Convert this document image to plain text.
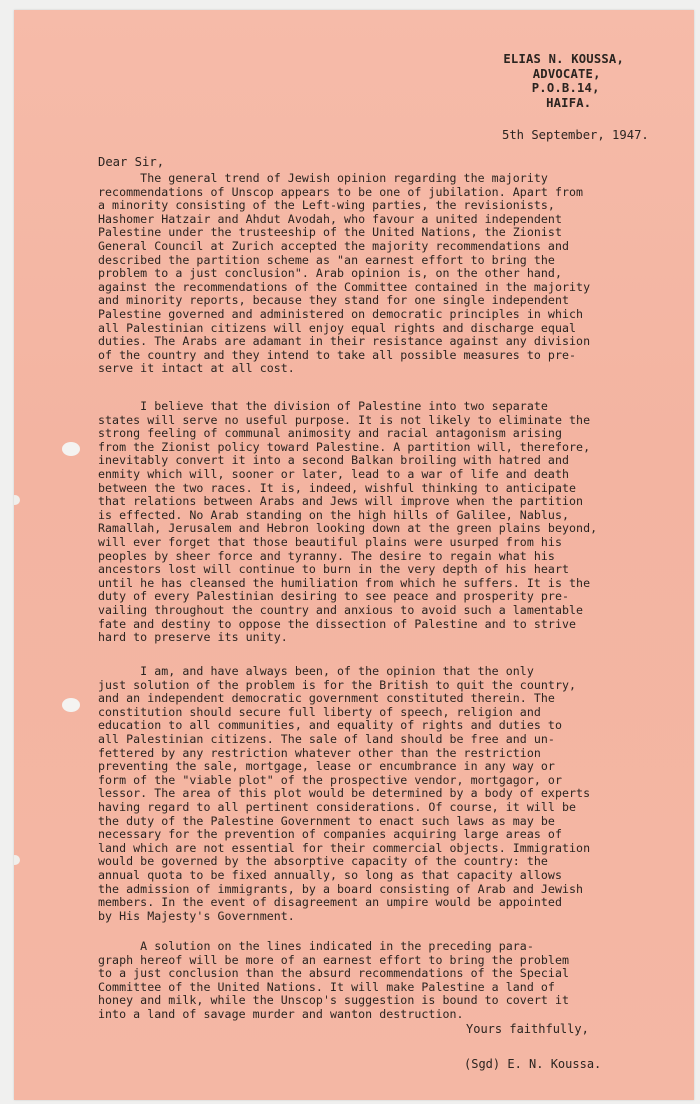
ELIAS N. KOUSSA,
ADVOCATE,
P.O.B.14,
HAIFA.
5th September, 1947.
Dear Sir,
The general trend of Jewish opinion regarding the majority
recommendations of Unscop appears to be one of jubilation. Apart from
a minority consisting of the Left-wing parties, the revisionists,
Hashomer Hatzair and Ahdut Avodah, who favour a united independent
Palestine under the trusteeship of the United Nations, the Zionist
General Council at Zurich accepted the majority recommendations and
described the partition scheme as "an earnest effort to bring the
problem to a just conclusion". Arab opinion is, on the other hand,
against the recommendations of the Committee contained in the majority
and minority reports, because they stand for one single independent
Palestine governed and administered on democratic principles in which
all Palestinian citizens will enjoy equal rights and discharge equal
duties. The Arabs are adamant in their resistance against any division
of the country and they intend to take all possible measures to pre-
serve it intact at all cost.
I believe that the division of Palestine into two separate
states will serve no useful purpose. It is not likely to eliminate the
strong feeling of communal animosity and racial antagonism arising
from the Zionist policy toward Palestine. A partition will, therefore,
inevitably convert it into a second Balkan broiling with hatred and
enmity which will, sooner or later, lead to a war of life and death
between the two races. It is, indeed, wishful thinking to anticipate
that relations between Arabs and Jews will improve when the partition
is effected. No Arab standing on the high hills of Galilee, Nablus,
Ramallah, Jerusalem and Hebron looking down at the green plains beyond,
will ever forget that those beautiful plains were usurped from his
peoples by sheer force and tyranny. The desire to regain what his
ancestors lost will continue to burn in the very depth of his heart
until he has cleansed the humiliation from which he suffers. It is the
duty of every Palestinian desiring to see peace and prosperity pre-
vailing throughout the country and anxious to avoid such a lamentable
fate and destiny to oppose the dissection of Palestine and to strive
hard to preserve its unity.
I am, and have always been, of the opinion that the only
just solution of the problem is for the British to quit the country,
and an independent democratic government constituted therein. The
constitution should secure full liberty of speech, religion and
education to all communities, and equality of rights and duties to
all Palestinian citizens. The sale of land should be free and un-
fettered by any restriction whatever other than the restriction
preventing the sale, mortgage, lease or encumbrance in any way or
form of the "viable plot" of the prospective vendor, mortgagor, or
lessor. The area of this plot would be determined by a body of experts
having regard to all pertinent considerations. Of course, it will be
the duty of the Palestine Government to enact such laws as may be
necessary for the prevention of companies acquiring large areas of
land which are not essential for their commercial objects. Immigration
would be governed by the absorptive capacity of the country: the
annual quota to be fixed annually, so long as that capacity allows
the admission of immigrants, by a board consisting of Arab and Jewish
members. In the event of disagreement an umpire would be appointed
by His Majesty's Government.
A solution on the lines indicated in the preceding para-
graph hereof will be more of an earnest effort to bring the problem
to a just conclusion than the absurd recommendations of the Special
Committee of the United Nations. It will make Palestine a land of
honey and milk, while the Unscop's suggestion is bound to covert it
into a land of savage murder and wanton destruction.
Yours faithfully,
(Sgd) E. N. Koussa.
